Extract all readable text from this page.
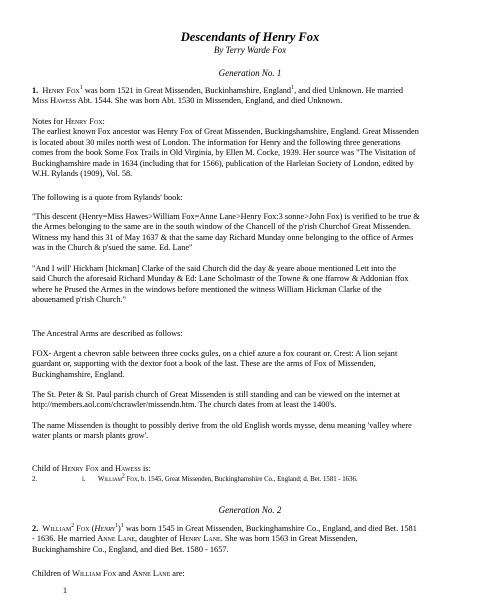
Descendants of Henry Fox
By Terry Warde Fox
Generation No. 1
1. Henry Fox$^1$ was born 1521 in Great Missenden, Buckinhamshire, England$^1$, and died Unknown. He married
Miss Hawess Abt. 1544. She was born Abt. 1530 in Missenden, England, and died Unknown.
Notes for Henry Fox:
The earliest known Fox ancestor was Henry Fox of Great Missenden, Buckingshamshire, England. Great Missenden
is located about 30 miles north west of London. The information for Henry and the following three generations
comes from the book Some Fox Trails in Old Virginia, by Ellen M. Cocke, 1939. Her source was "The Visitation of
Buckinghamshire made in 1634 (including that for 1566), publication of the Harleian Society of London, edited by
W.H. Rylands (1909), Vol. 58.
The following is a quote from Rylands' book:
"This descent (Henry=Miss Hawes>William Fox=Anne Lane>Henry Fox:3 sonne>John Fox) is verified to be true &
the Armes belonging to the same are in the south window of the Chancell of the p'rish Churchof Great Missenden.
Witness my hand this 31 of May 1637 & that the same day Richard Munday onne belonging to the office of Armes
was in the Church & p'sued the same. Ed. Lane"
"And I will' Hickham [hickman] Clarke of the said Church did the day & yeare aboue mentioned Lett into the
said Church the aforesaid Richard Munday & Ed: Lane Scholmastr of the Towne & one ffarrow & Addonian ffox
where he Prused the Armes in the windows before mentioned the witness William Hickman Clarke of the
abouenamed p'rish Church."
The Ancestral Arms are described as follows:
FOX- Argent a chevron sable between three cocks gules, on a chief azure a fox courant or. Crest: A lion sejant
guardant or, supporting with the dextor foot a book of the last. These are the arms of Fox of Missenden,
Buckinghamshire, England.
The St. Peter & St. Paul parish church of Great Missenden is still standing and can be viewed on the internet at
http://members.aol.com/chcrawler/missendn.htm. The church dates from at least the 1400's.
The name Missenden is thought to possibly derive from the old English words mysse, denu meaning 'valley where
water plants or marsh plants grow'.
Child of Henry Fox and Hawess is:
2.	i. William$^2$ Fox, b. 1545, Great Missenden, Buckinghamshire Co., England; d. Bet. 1581 - 1636.
Generation No. 2
2. William$^2$ Fox (Henry$^1$)$^1$ was born 1545 in Great Missenden, Buckinghamshire Co., England, and died Bet. 1581
- 1636. He married Anne Lane, daughter of Henry Lane. She was born 1563 in Great Missenden,
Buckinghamshire Co., England, and died Bet. 1580 - 1657.
Children of William Fox and Anne Lane are:
1
